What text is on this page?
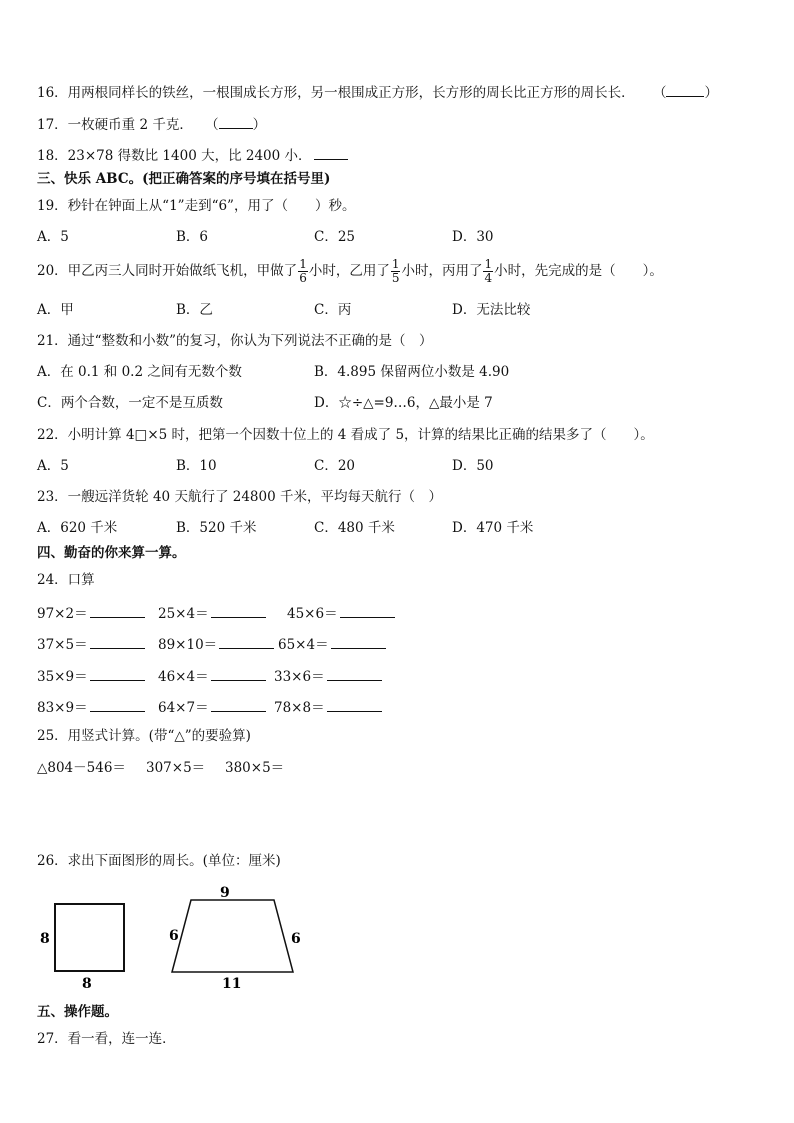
16．用两根同样长的铁丝，一根围成长方形，另一根围成正方形，长方形的周长比正方形的周长长． （	）
17．一枚硬币重 2 千克． （	）
18．23×78 得数比 1400 大，比 2400 小．
三、快乐 ABC。(把正确答案的序号填在括号里)
19．秒针在钟面上从“1”走到“6”，用了（　　）秒。
A．5	B．6	C．25	D．30
20．甲乙丙三人同时开始做纸飞机，甲做了 $\frac{1}{6}$ 小时，乙用了 $\frac{1}{5}$ 小时，丙用了 $\frac{1}{4}$ 小时，先完成的是（　　）。
A．甲	B．乙	C．丙	D．无法比较
21．通过“整数和小数”的复习，你认为下列说法不正确的是（　）
A．在 0.1 和 0.2 之间有无数个数	B．4.895 保留两位小数是 4.90
C．两个合数，一定不是互质数	D．☆÷△=9…6，△最小是 7
22．小明计算 4□×5 时，把第一个因数十位上的 4 看成了 5，计算的结果比正确的结果多了（　　）。
A．5	B．10	C．20	D．50
23．一艘远洋货轮 40 天航行了 24800 千米，平均每天航行（　）
A．620 千米	B．520 千米	C．480 千米	D．470 千米
四、勤奋的你来算一算。
24．口算
97×2＝	25×4＝	45×6＝
37×5＝	89×10＝	65×4＝
35×9＝	46×4＝	33×6＝
83×9＝	64×7＝	78×8＝
25．用竖式计算。(带“△”的要验算)
△804－546＝ 307×5＝ 380×5＝
26．求出下面图形的周长。(单位：厘米)
8
8
9
6	6
11
五、操作题。
27．看一看，连一连．
